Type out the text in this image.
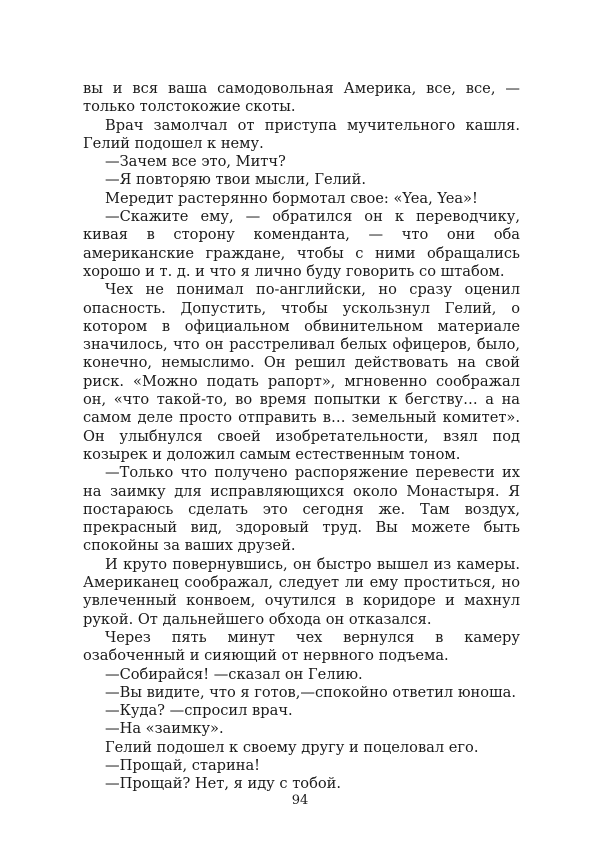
вы и вся ваша самодовольная Америка, все, все, — только толстокожие скоты.

Врач замолчал от приступа мучительного кашля. Гелий подошел к нему.

—Зачем все это, Митч?

—Я повторяю твои мысли, Гелий.

Мередит растерянно бормотал свое: «Yea, Yea»!

—Скажите ему, — обратился он к переводчику, кивая в сторону коменданта, — что они оба американские граждане, чтобы с ними обращались хорошо и т. д. и что я лично буду говорить со штабом.

Чех не понимал по-английски, но сразу оценил опасность. Допустить, чтобы ускользнул Гелий, о котором в официальном обвинительном материале значилось, что он расстреливал белых офицеров, было, конечно, немыслимо. Он решил действовать на свой риск. «Можно подать рапорт», мгновенно соображал он, «что такой-то, во время попытки к бегству… а на самом деле просто отправить в… земельный комитет». Он улыбнулся своей изобретательности, взял под козырек и доложил самым естественным тоном.

—Только что получено распоряжение перевести их на заимку для исправляющихся около Монастыря. Я постараюсь сделать это сегодня же. Там воздух, прекрасный вид, здоровый труд. Вы можете быть спокойны за ваших друзей.

И круто повернувшись, он быстро вышел из камеры. Американец соображал, следует ли ему проститься, но увлеченный конвоем, очутился в коридоре и махнул рукой. От дальнейшего обхода он отказался.

Через пять минут чех вернулся в камеру озабоченный и сияющий от нервного подъема.

—Собирайся! —сказал он Гелию.

—Вы видите, что я готов,—спокойно ответил юноша.

—Куда? —спросил врач.

—На «заимку».

Гелий подошел к своему другу и поцеловал его.

—Прощай, старина!

—Прощай? Нет, я иду с тобой.

94
